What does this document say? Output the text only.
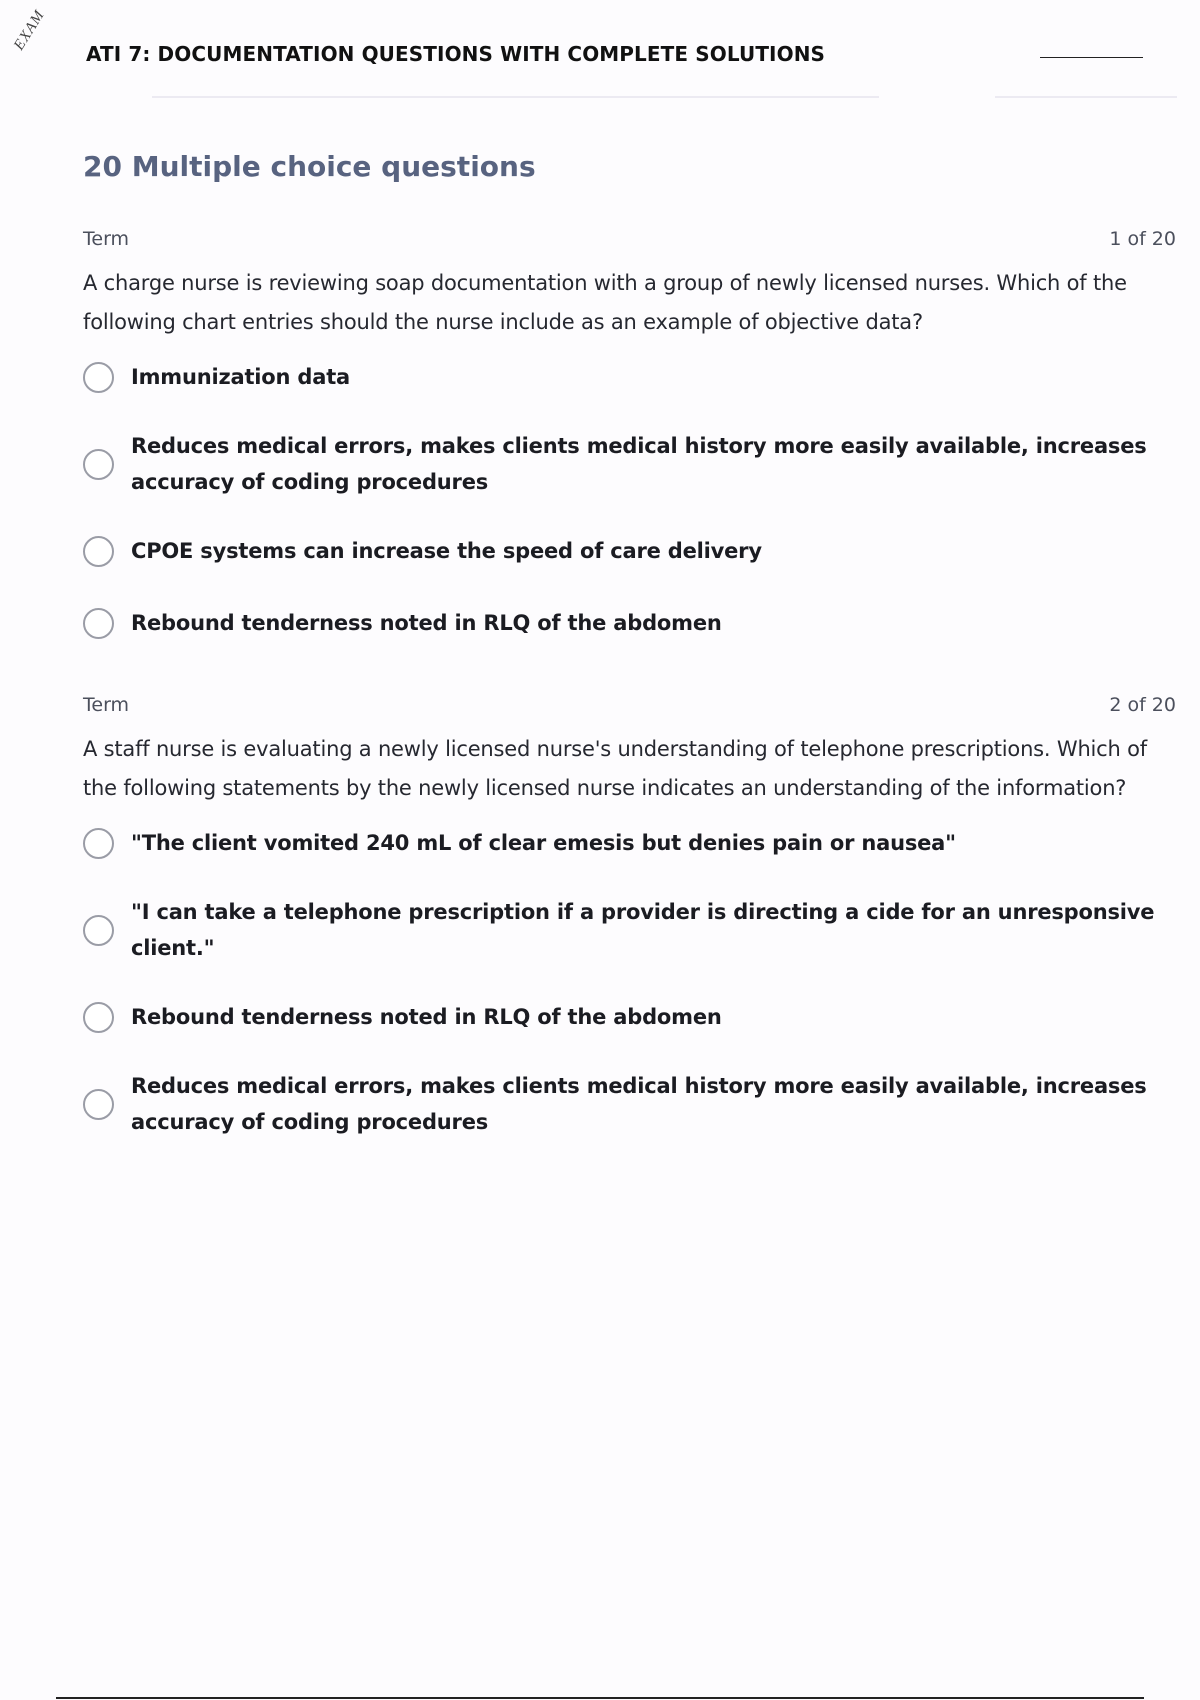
EXAM
ATI 7: DOCUMENTATION QUESTIONS WITH COMPLETE SOLUTIONS
20 Multiple choice questions
Term	1 of 20

A charge nurse is reviewing soap documentation with a group of newly licensed nurses. Which of the following chart entries should the nurse include as an example of objective data?

Immunization data
Reduces medical errors, makes clients medical history more easily available, increases accuracy of coding procedures
CPOE systems can increase the speed of care delivery
Rebound tenderness noted in RLQ of the abdomen
Term	2 of 20

A staff nurse is evaluating a newly licensed nurse's understanding of telephone prescriptions. Which of the following statements by the newly licensed nurse indicates an understanding of the information?

"The client vomited 240 mL of clear emesis but denies pain or nausea"
"I can take a telephone prescription if a provider is directing a cide for an unresponsive client."
Rebound tenderness noted in RLQ of the abdomen
Reduces medical errors, makes clients medical history more easily available, increases accuracy of coding procedures
